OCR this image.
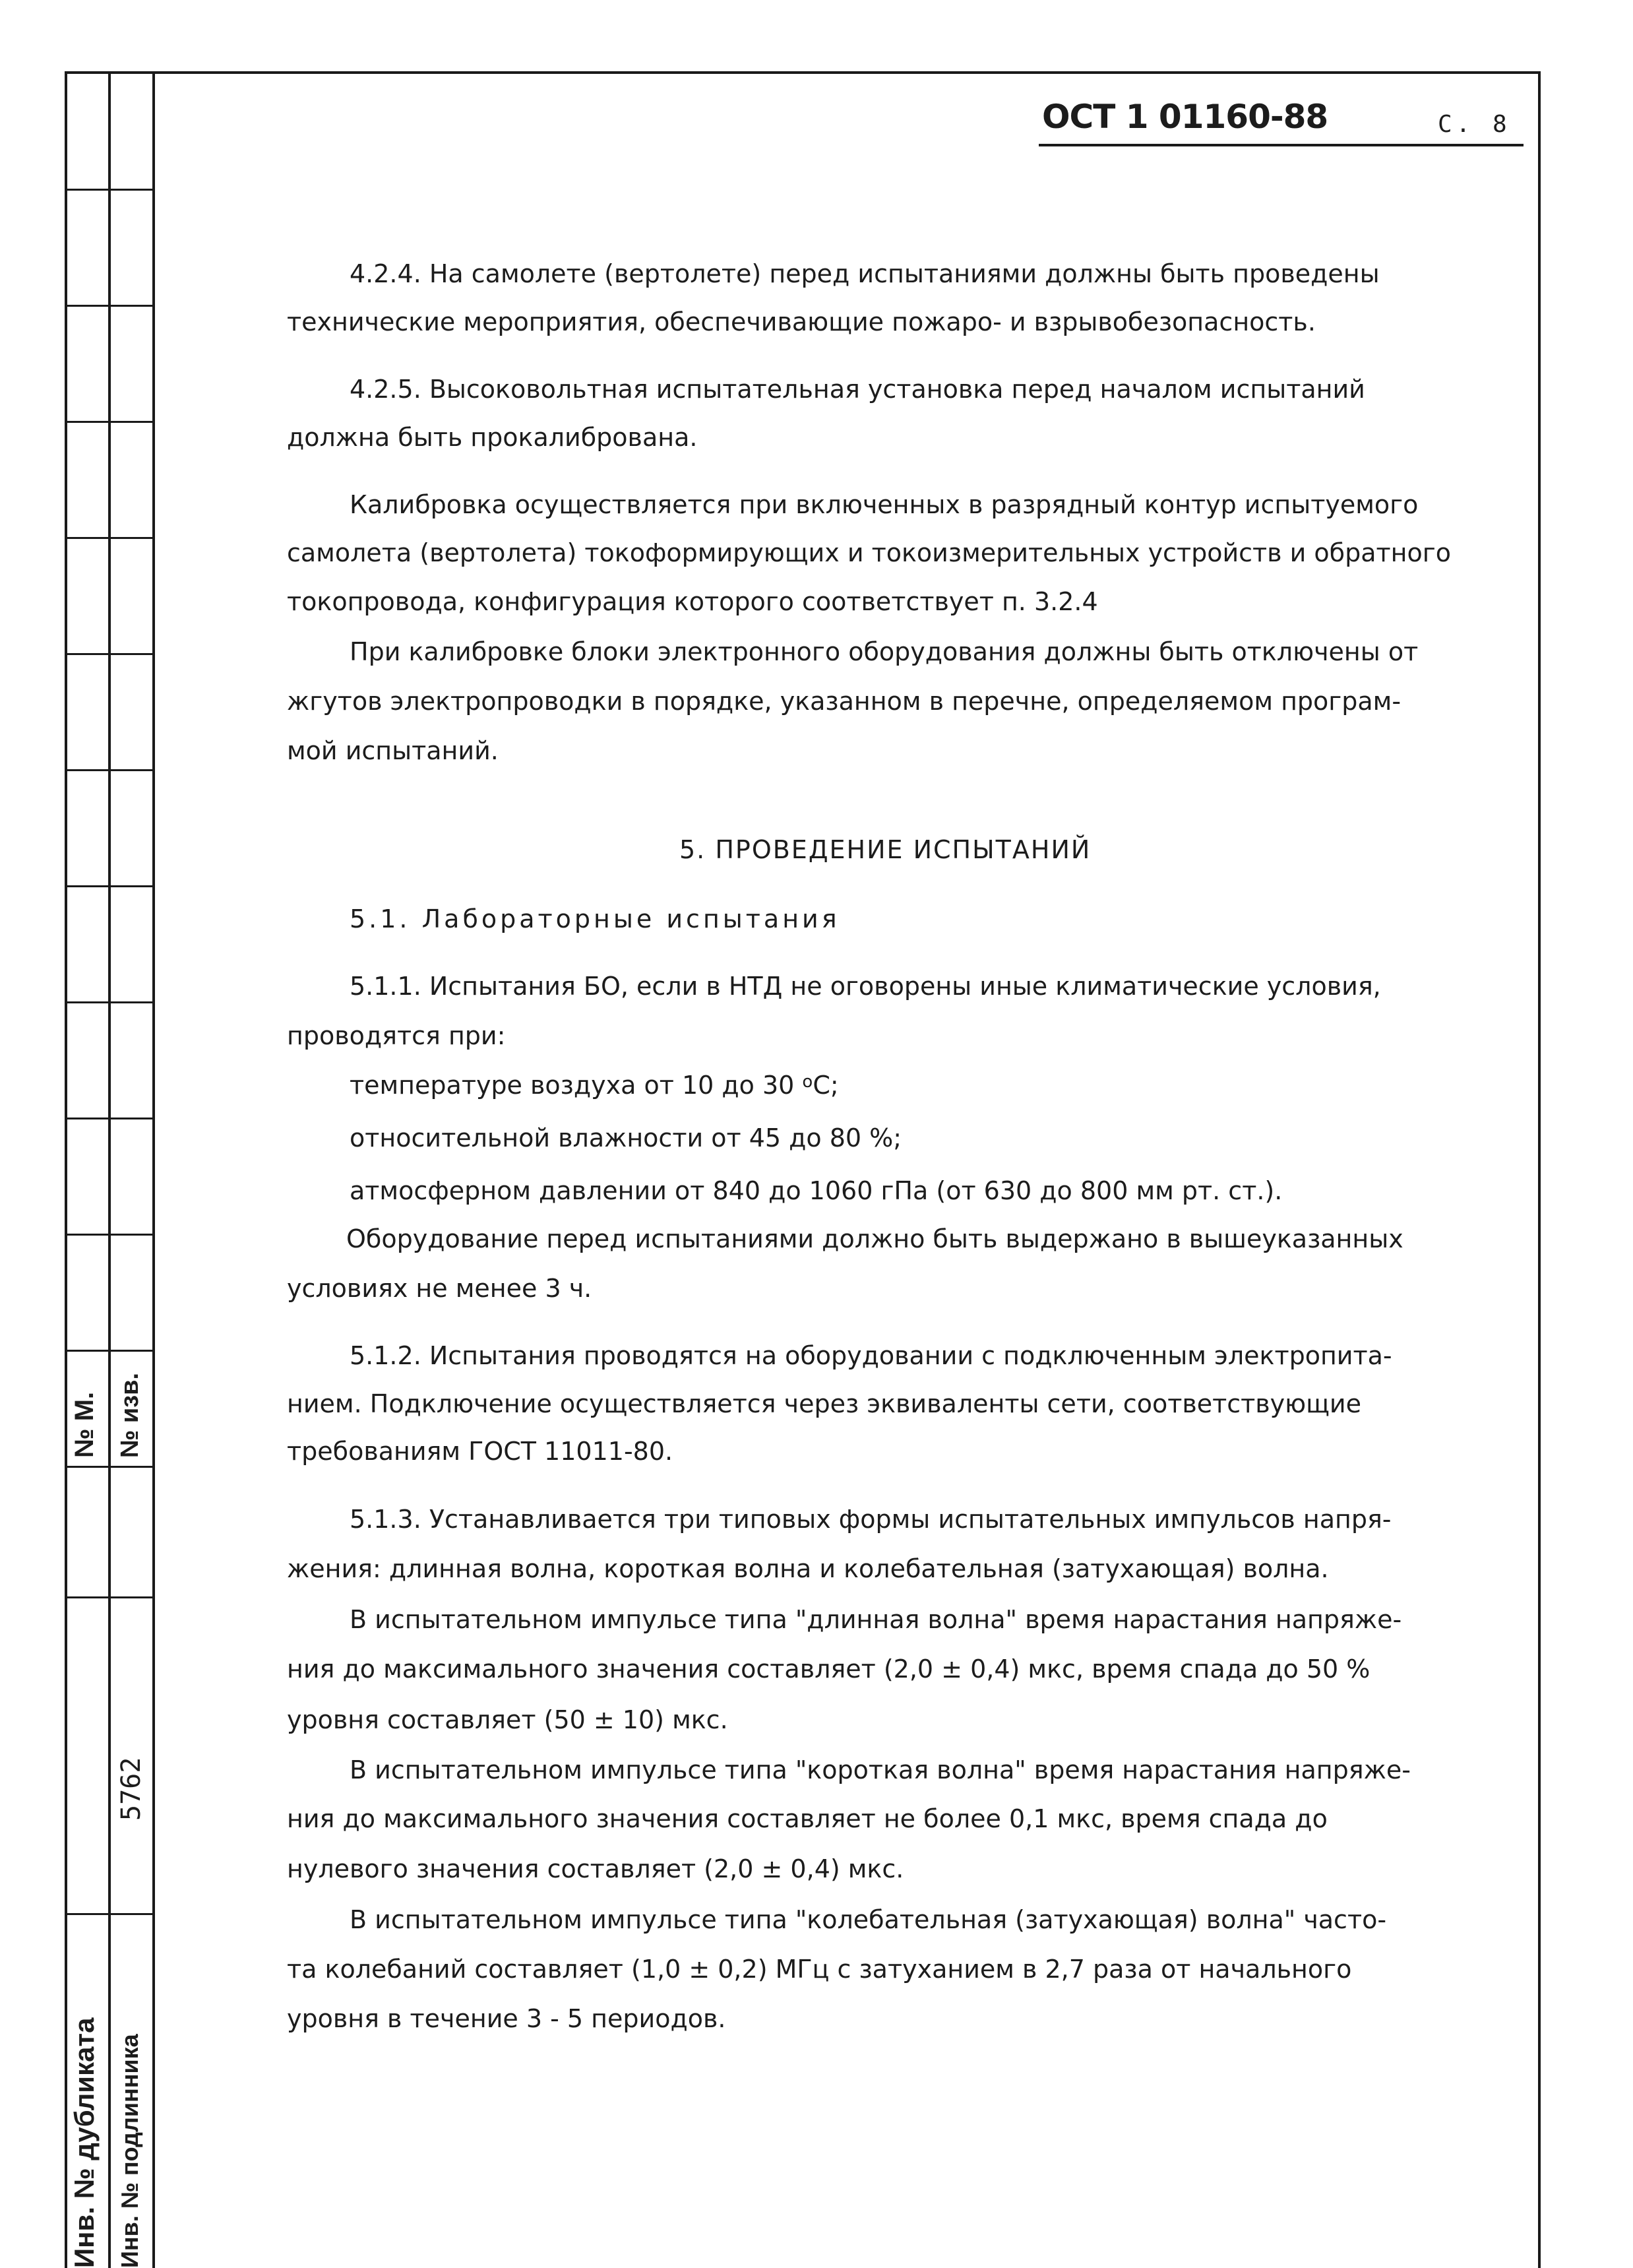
№ М. № изв.
5762
Инв. № дубликата Инв. № подлинника
ОСТ 1 01160-88	С. 8
4.2.4. На самолете (вертолете) перед испытаниями должны быть проведены
технические мероприятия, обеспечивающие пожаро- и взрывобезопасность.
4.2.5. Высоковольтная испытательная установка перед началом испытаний
должна быть прокалибрована.
Калибровка осуществляется при включенных в разрядный контур испытуемого
самолета (вертолета) токоформирующих и токоизмерительных устройств и обратного
токопровода, конфигурация которого соответствует п. 3.2.4
При калибровке блоки электронного оборудования должны быть отключены от
жгутов электропроводки в порядке, указанном в перечне, определяемом програм-
мой испытаний.
5. ПРОВЕДЕНИЕ ИСПЫТАНИЙ
5.1. Лабораторные испытания
5.1.1. Испытания БО, если в НТД не оговорены иные климатические условия,
проводятся при:
температуре воздуха от 10 до 30 $^о$С;
относительной влажности от 45 до 80 %;
атмосферном давлении от 840 до 1060 гПа (от 630 до 800 мм рт. ст.).
Оборудование перед испытаниями должно быть выдержано в вышеуказанных
условиях не менее 3 ч.
5.1.2. Испытания проводятся на оборудовании с подключенным электропита-
нием. Подключение осуществляется через эквиваленты сети, соответствующие
требованиям ГОСТ 11011-80.
5.1.3. Устанавливается три типовых формы испытательных импульсов напря-
жения: длинная волна, короткая волна и колебательная (затухающая) волна.
В испытательном импульсе типа "длинная волна" время нарастания напряже-
ния до максимального значения составляет (2,0 ± 0,4) мкс, время спада до 50 %
уровня составляет (50 ± 10) мкс.
В испытательном импульсе типа "короткая волна" время нарастания напряже-
ния до максимального значения составляет не более 0,1 мкс, время спада до
нулевого значения составляет (2,0 ± 0,4) мкс.
В испытательном импульсе типа "колебательная (затухающая) волна" часто-
та колебаний составляет (1,0 ± 0,2) МГц с затуханием в 2,7 раза от начального
уровня в течение 3 - 5 периодов.
